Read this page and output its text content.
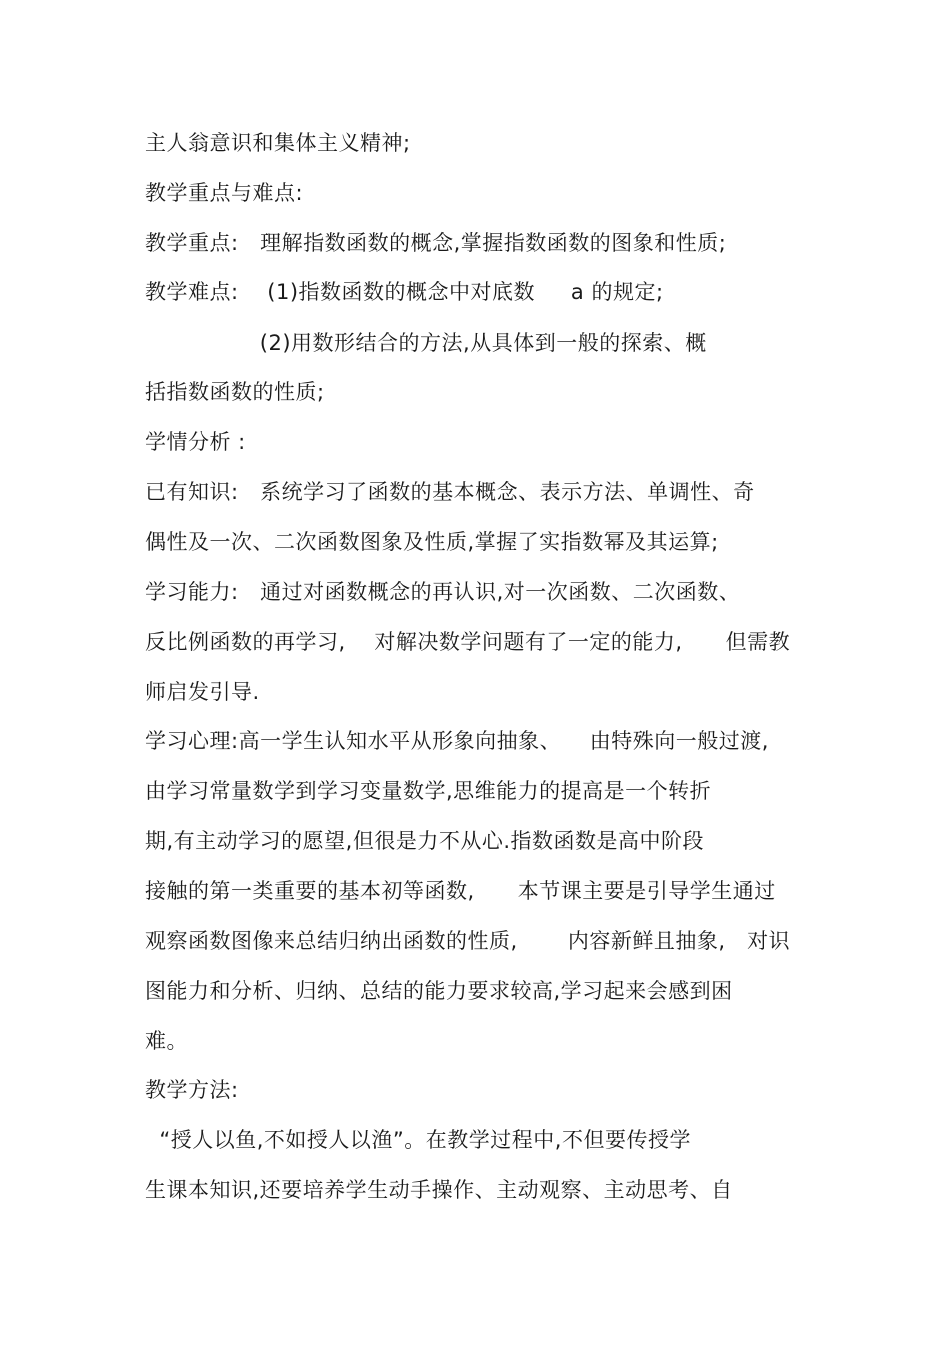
主人翁意识和集体主义精神;
教学重点与难点:
教学重点:   理解指数函数的概念,掌握指数函数的图象和性质;
教学难点:    (1)指数函数的概念中对底数     a 的规定;
(2)用数形结合的方法,从具体到一般的探索、概
括指数函数的性质;
学情分析 :
已有知识:   系统学习了函数的基本概念、表示方法、单调性、奇
偶性及一次、二次函数图象及性质,掌握了实指数幂及其运算;
学习能力:   通过对函数概念的再认识,对一次函数、二次函数、
反比例函数的再学习,    对解决数学问题有了一定的能力,      但需教
师启发引导.
学习心理:高一学生认知水平从形象向抽象、    由特殊向一般过渡,
由学习常量数学到学习变量数学,思维能力的提高是一个转折
期,有主动学习的愿望,但很是力不从心.指数函数是高中阶段
接触的第一类重要的基本初等函数,      本节课主要是引导学生通过
观察函数图像来总结归纳出函数的性质,       内容新鲜且抽象,   对识
图能力和分析、归纳、总结的能力要求较高,学习起来会感到困
难。
教学方法:
“授人以鱼,不如授人以渔”。在教学过程中,不但要传授学
生课本知识,还要培养学生动手操作、主动观察、主动思考、自
